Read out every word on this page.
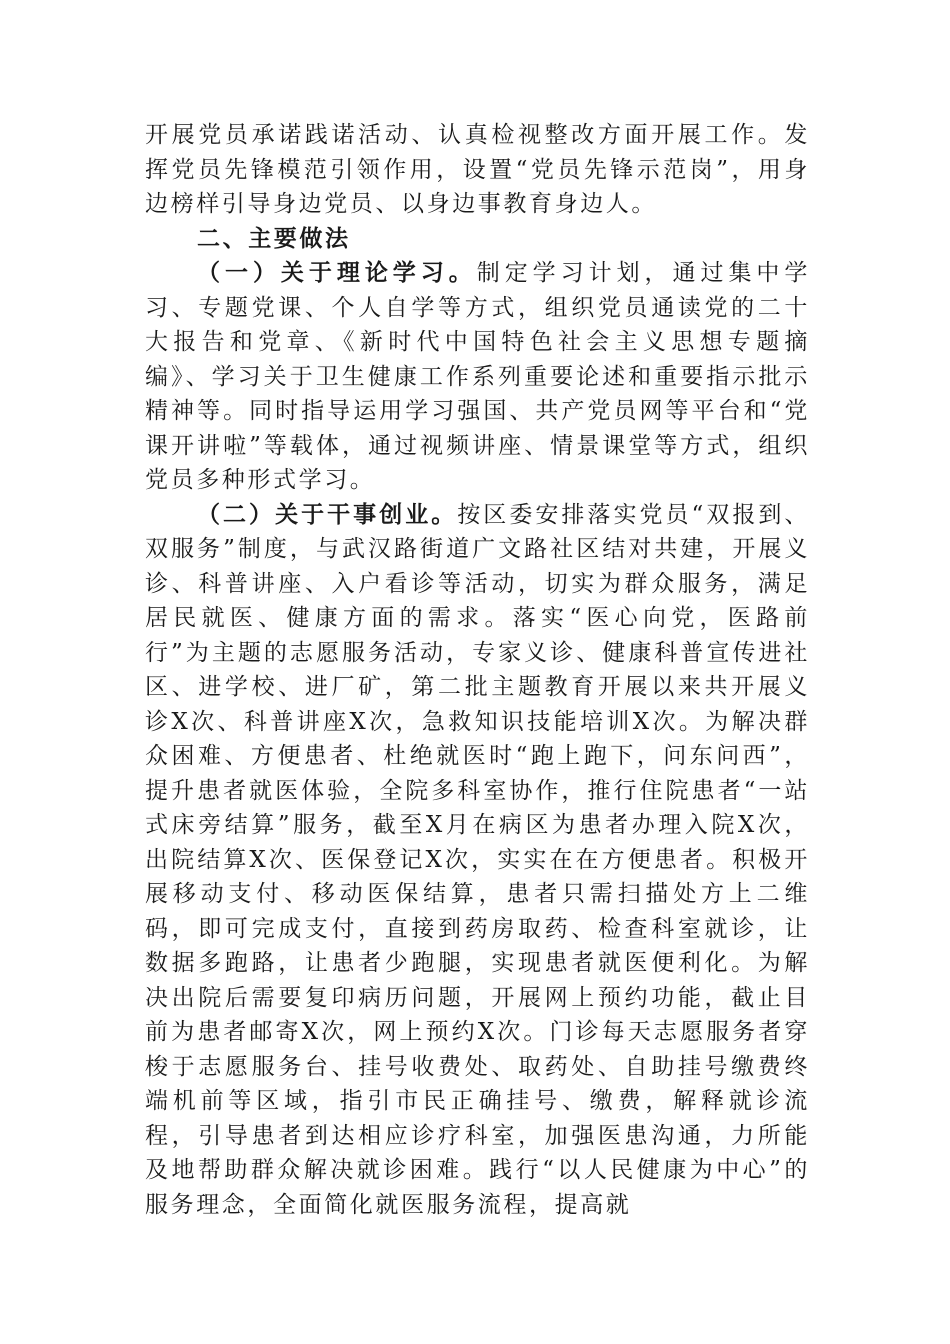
开展党员承诺践诺活动、认真检视整改方面开展工作。发挥党员先锋模范引领作用，设置“党员先锋示范岗”，用身边榜样引导身边党员、以身边事教育身边人。

二、主要做法

（一）关于理论学习。制定学习计划，通过集中学习、专题党课、个人自学等方式，组织党员通读党的二十大报告和党章、《新时代中国特色社会主义思想专题摘编》、学习关于卫生健康工作系列重要论述和重要指示批示精神等。同时指导运用学习强国、共产党员网等平台和“党课开讲啦”等载体，通过视频讲座、情景课堂等方式，组织党员多种形式学习。

（二）关于干事创业。按区委安排落实党员“双报到、双服务”制度，与武汉路街道广文路社区结对共建，开展义诊、科普讲座、入户看诊等活动，切实为群众服务，满足居民就医、健康方面的需求。落实“医心向党，医路前行”为主题的志愿服务活动，专家义诊、健康科普宣传进社区、进学校、进厂矿，第二批主题教育开展以来共开展义诊X次、科普讲座X次，急救知识技能培训X次。为解决群众困难、方便患者、杜绝就医时“跑上跑下，问东问西”，提升患者就医体验，全院多科室协作，推行住院患者“一站式床旁结算”服务，截至X月在病区为患者办理入院X次，出院结算X次、医保登记X次，实实在在方便患者。积极开展移动支付、移动医保结算，患者只需扫描处方上二维码，即可完成支付，直接到药房取药、检查科室就诊，让数据多跑路，让患者少跑腿，实现患者就医便利化。为解决出院后需要复印病历问题，开展网上预约功能，截止目前为患者邮寄X次，网上预约X次。门诊每天志愿服务者穿梭于志愿服务台、挂号收费处、取药处、自助挂号缴费终端机前等区域，指引市民正确挂号、缴费，解释就诊流程，引导患者到达相应诊疗科室，加强医患沟通，力所能及地帮助群众解决就诊困难。践行“以人民健康为中心”的服务理念，全面简化就医服务流程，提高就
